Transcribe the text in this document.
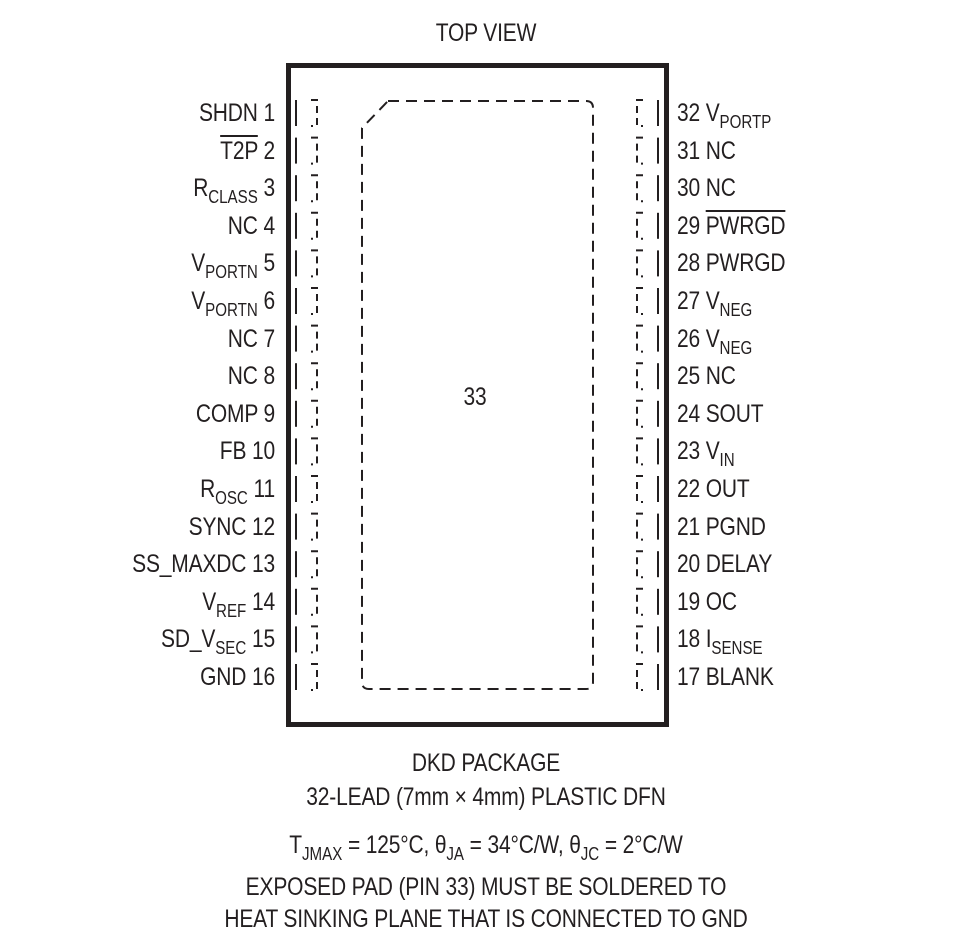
TOP VIEW
33
SHDN 1
T2P 2
$R_{CLASS}$ 3
NC 4
$V_{PORTN}$ 5
$V_{PORTN}$ 6
NC 7
NC 8
COMP 9
FB 10
$R_{OSC}$ 11
SYNC 12
SS_MAXDC 13
$V_{REF}$ 14
$SD\_V_{SEC}$ 15
GND 16
32 $V_{PORTP}$
31 NC
30 NC
29 PWRGD
28 PWRGD
27 $V_{NEG}$
26 $V_{NEG}$
25 NC
24 SOUT
23 $V_{IN}$
22 OUT
21 PGND
20 DELAY
19 OC
18 $I_{SENSE}$
17 BLANK
DKD PACKAGE
32-LEAD (7mm × 4mm) PLASTIC DFN
$T_{JMAX} = 125^\circ C$, $\theta_{JA} = 34^\circ C/W$, $\theta_{JC} = 2^\circ C/W$
EXPOSED PAD (PIN 33) MUST BE SOLDERED TO
HEAT SINKING PLANE THAT IS CONNECTED TO GND
